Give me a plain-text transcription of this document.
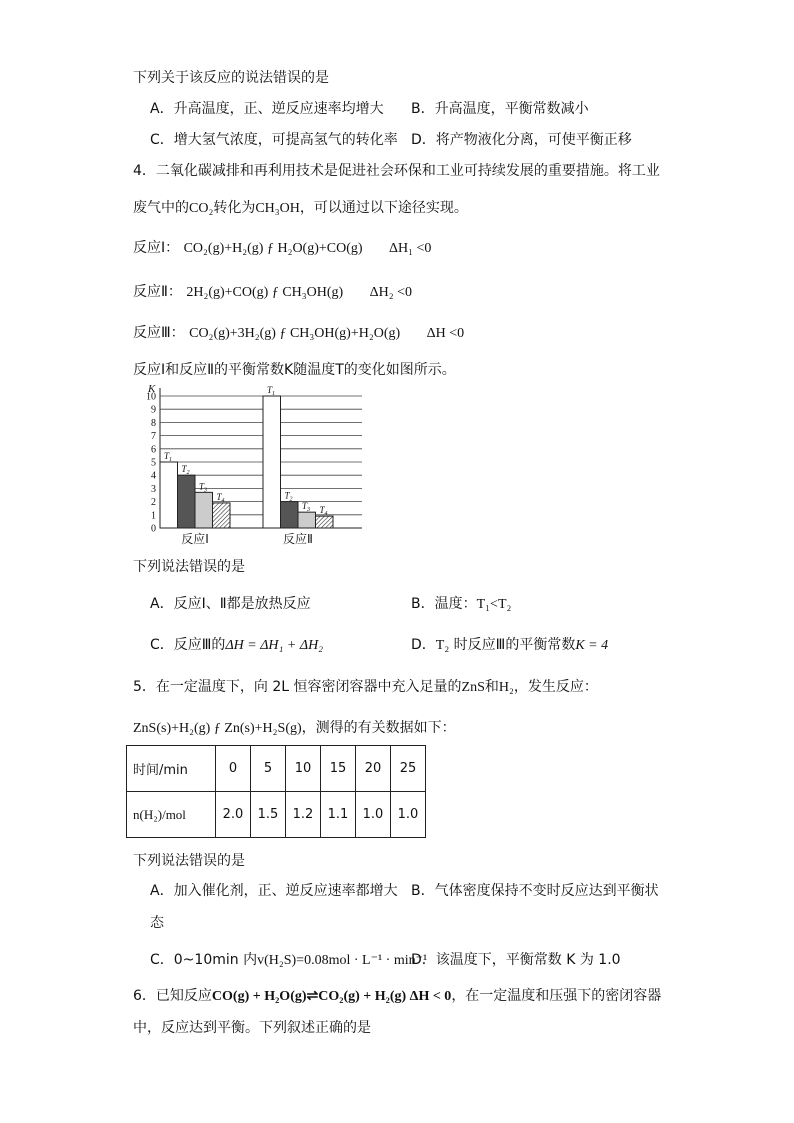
下列关于该反应的说法错误的是
A．升高温度，正、逆反应速率均增大 B．升高温度，平衡常数减小
C．增大氢气浓度，可提高氢气的转化率 D．将产物液化分离，可使平衡正移
4．二氧化碳减排和再利用技术是促进社会环保和工业可持续发展的重要措施。将工业
废气中的CO₂转化为CH₃OH，可以通过以下途径实现。
反应Ⅰ： CO₂(g)+H₂(g) ƒ H₂O(g)+CO(g) ΔH₁ <0
反应Ⅱ： 2H₂(g)+CO(g) ƒ CH₃OH(g) ΔH₂ <0
反应Ⅲ： CO₂(g)+3H₂(g) ƒ CH₃OH(g)+H₂O(g) ΔH <0
反应Ⅰ和反应Ⅱ的平衡常数K随温度T的变化如图所示。
0
1
2
3
4
5
6
7
8
9
10
K
$T_1$
$T_2$
$T_3$
$T_4$
反应Ⅰ
$T_1$
$T_2$
$T_3$ $T_4$
反应Ⅱ
下列说法错误的是
A．反应Ⅰ、Ⅱ都是放热反应	B．温度：T₁<T₂
C．反应Ⅲ的ΔH = ΔH₁ + ΔH₂	D．T₂ 时反应Ⅲ的平衡常数K = 4
5．在一定温度下，向 2L 恒容密闭容器中充入足量的ZnS和H₂，发生反应：
ZnS(s)+H₂(g) ƒ Zn(s)+H₂S(g)，测得的有关数据如下：
时间/min	0	5	10	15	20	25
n(H₂)/mol	2.0	1.5	1.2	1.1	1.0	1.0
下列说法错误的是
A．加入催化剂，正、逆反应速率都增大 B．气体密度保持不变时反应达到平衡状
态
C．0~10min 内v(H₂S)=0.08mol · L⁻¹ · min⁻¹
D．该温度下，平衡常数 K 为 1.0
6．已知反应CO(g) + H₂O(g)⇌CO₂(g) + H₂(g) ΔH < 0，在一定温度和压强下的密闭容器
中，反应达到平衡。下列叙述正确的是
